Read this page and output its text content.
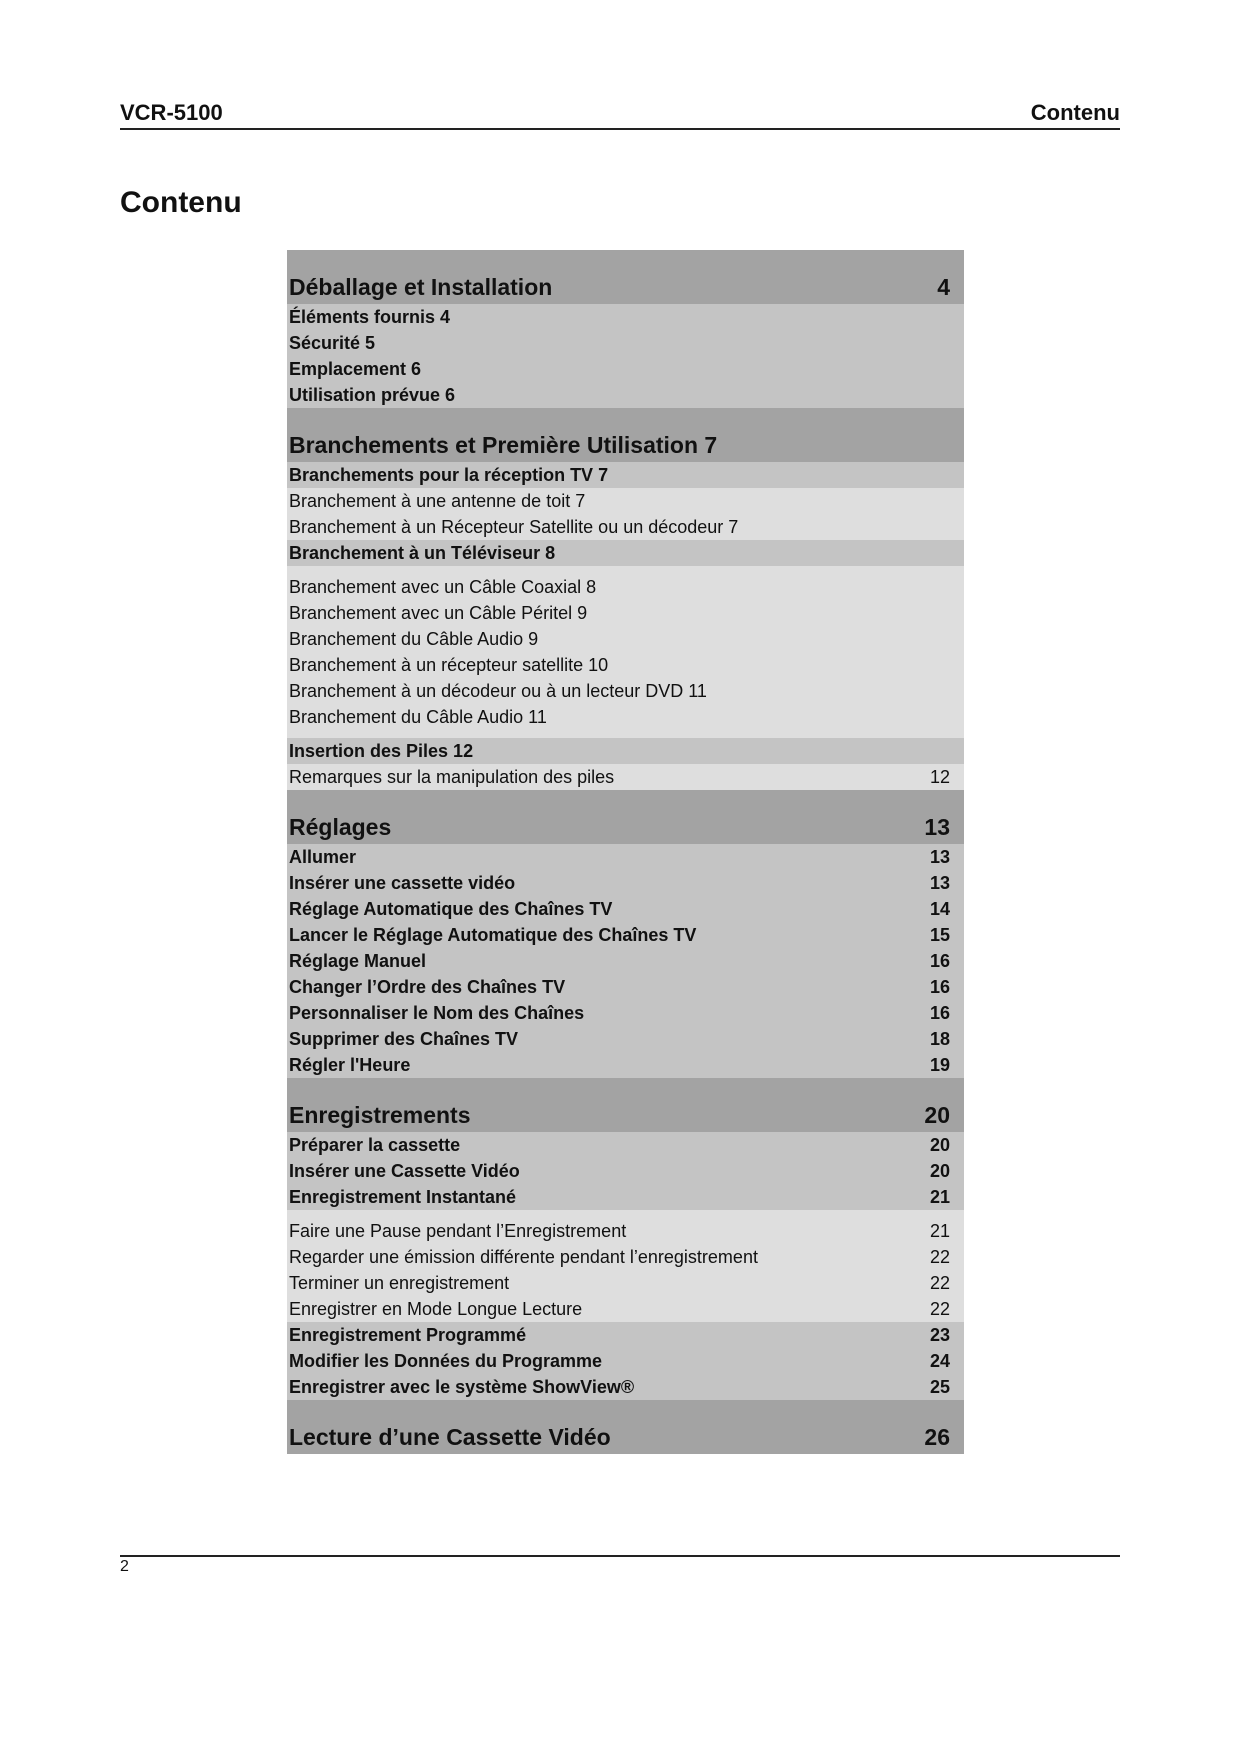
VCR-5100	Contenu
Contenu
Déballage et Installation	4
Éléments fournis 4
Sécurité 5
Emplacement 6
Utilisation prévue 6
Branchements et Première Utilisation 7
Branchements pour la réception TV 7
Branchement à une antenne de toit 7
Branchement à un Récepteur Satellite ou un décodeur 7
Branchement à un Téléviseur 8
Branchement avec un Câble Coaxial 8
Branchement avec un Câble Péritel 9
Branchement du Câble Audio 9
Branchement à un récepteur satellite 10
Branchement à un décodeur ou à un lecteur DVD 11
Branchement du Câble Audio 11
Insertion des Piles 12
Remarques sur la manipulation des piles	12
Réglages	13
Allumer	13
Insérer une cassette vidéo	13
Réglage Automatique des Chaînes TV	14
Lancer le Réglage Automatique des Chaînes TV	15
Réglage Manuel	16
Changer l’Ordre des Chaînes TV	16
Personnaliser le Nom des Chaînes	16
Supprimer des Chaînes TV	18
Régler l'Heure	19
Enregistrements	20
Préparer la cassette	20
Insérer une Cassette Vidéo	20
Enregistrement Instantané	21
Faire une Pause pendant l’Enregistrement	21
Regarder une émission différente pendant l’enregistrement	22
Terminer un enregistrement	22
Enregistrer en Mode Longue Lecture	22
Enregistrement Programmé	23
Modifier les Données du Programme	24
Enregistrer avec le système ShowView®	25
Lecture d’une Cassette Vidéo	26
2
